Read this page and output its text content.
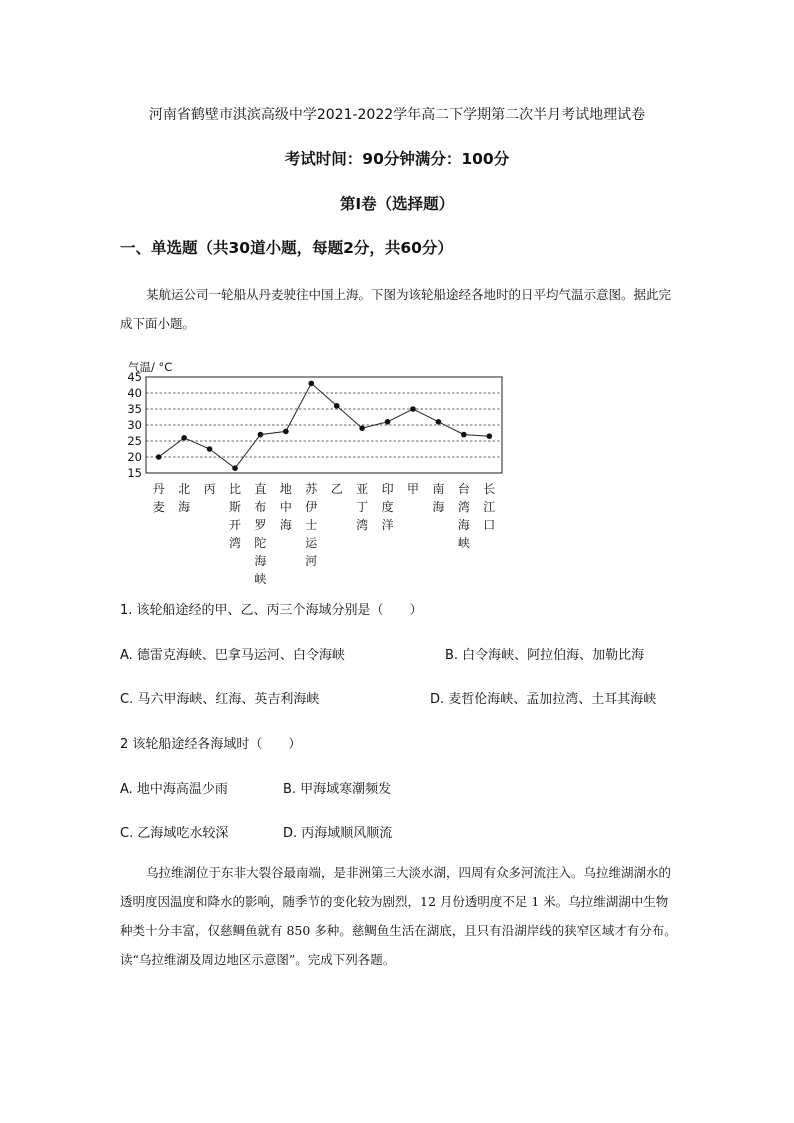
河南省鹤壁市淇滨高级中学2021-2022学年高二下学期第二次半月考试地理试卷
考试时间：90分钟满分：100分
第Ⅰ卷（选择题）
一、单选题（共30道小题，每题2分，共60分）
某航运公司一轮船从丹麦驶往中国上海。下图为该轮船途经各地时的日平均气温示意图。据此完成下面小题。
气温/ °C
15
20
25
30
35
40
45
丹麦
北海
丙 比斯开湾
直布罗陀海峡
地中海
苏伊士运河
乙 亚丁湾
印度洋
甲 南海
台湾海峡
长江口
1. 该轮船途经的甲、乙、丙三个海域分别是（　　）
A. 德雷克海峡、巴拿马运河、白令海峡	B. 白令海峡、阿拉伯海、加勒比海
C. 马六甲海峡、红海、英吉利海峡	D. 麦哲伦海峡、孟加拉湾、土耳其海峡
2 该轮船途经各海域时（　　）
A. 地中海高温少雨	B. 甲海域寒潮频发
C. 乙海域吃水较深	D. 丙海域顺风顺流
乌拉维湖位于东非大裂谷最南端，是非洲第三大淡水湖，四周有众多河流注入。乌拉维湖湖水的透明度因温度和降水的影响，随季节的变化较为剧烈，12 月份透明度不足 1 米。乌拉维湖湖中生物种类十分丰富，仅慈鲷鱼就有 850 多种。慈鲷鱼生活在湖底，且只有沿湖岸线的狭窄区域才有分布。读“乌拉维湖及周边地区示意图”。完成下列各题。
